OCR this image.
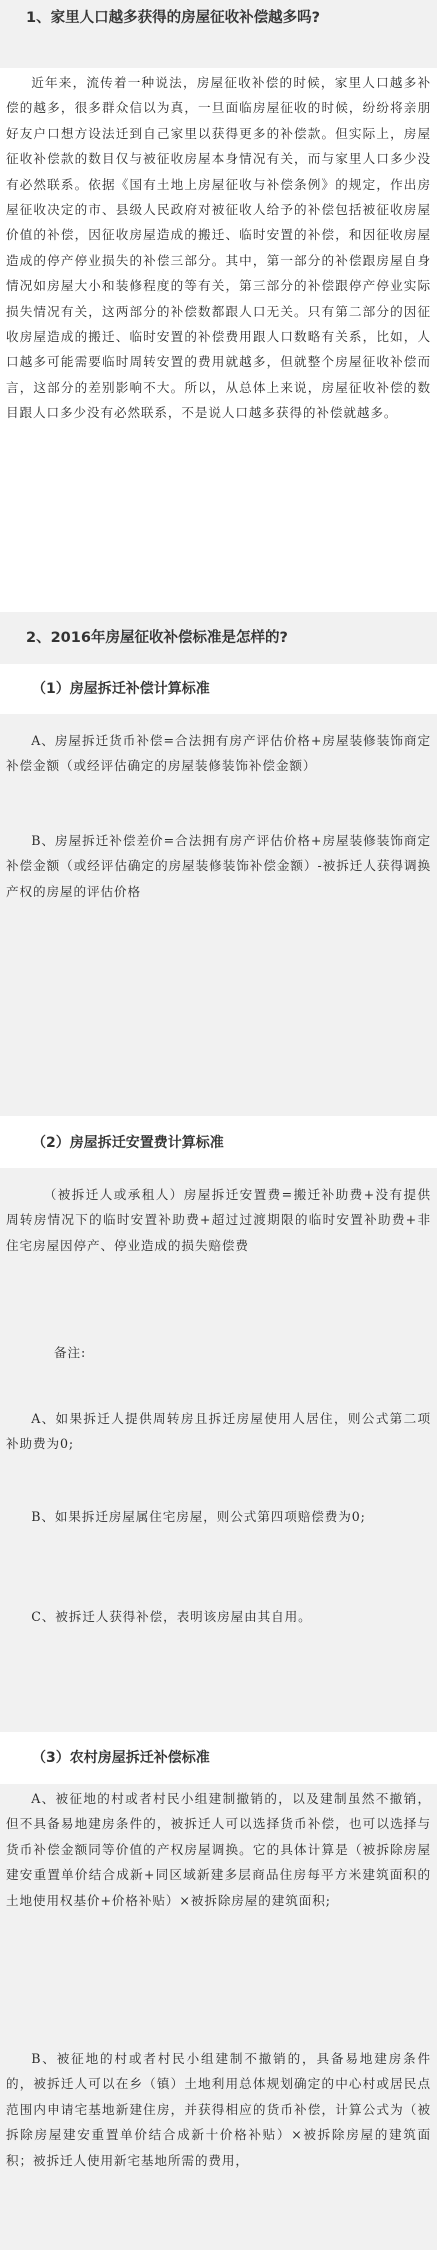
1、家里人口越多获得的房屋征收补偿越多吗?

近年来，流传着一种说法，房屋征收补偿的时候，家里人口越多补偿的越多，很多群众信以为真，一旦面临房屋征收的时候，纷纷将亲朋好友户口想方设法迁到自己家里以获得更多的补偿款。但实际上，房屋征收补偿款的数目仅与被征收房屋本身情况有关，而与家里人口多少没有必然联系。依据《国有土地上房屋征收与补偿条例》的规定，作出房屋征收决定的市、县级人民政府对被征收人给予的补偿包括被征收房屋价值的补偿，因征收房屋造成的搬迁、临时安置的补偿，和因征收房屋造成的停产停业损失的补偿三部分。其中，第一部分的补偿跟房屋自身情况如房屋大小和装修程度的等有关，第三部分的补偿跟停产停业实际损失情况有关，这两部分的补偿数都跟人口无关。只有第二部分的因征收房屋造成的搬迁、临时安置的补偿费用跟人口数略有关系，比如，人口越多可能需要临时周转安置的费用就越多，但就整个房屋征收补偿而言，这部分的差别影响不大。所以，从总体上来说，房屋征收补偿的数目跟人口多少没有必然联系，不是说人口越多获得的补偿就越多。

2、2016年房屋征收补偿标准是怎样的?
（1）房屋拆迁补偿计算标准

A、房屋拆迁货币补偿=合法拥有房产评估价格+房屋装修装饰商定补偿金额（或经评估确定的房屋装修装饰补偿金额）

B、房屋拆迁补偿差价=合法拥有房产评估价格+房屋装修装饰商定补偿金额（或经评估确定的房屋装修装饰补偿金额）-被拆迁人获得调换产权的房屋的评估价格

（2）房屋拆迁安置费计算标准

（被拆迁人或承租人）房屋拆迁安置费=搬迁补助费+没有提供周转房情况下的临时安置补助费+超过过渡期限的临时安置补助费+非住宅房屋因停产、停业造成的损失赔偿费

备注:

A、如果拆迁人提供周转房且拆迁房屋使用人居住，则公式第二项补助费为0;

B、如果拆迁房屋属住宅房屋，则公式第四项赔偿费为0;

C、被拆迁人获得补偿，表明该房屋由其自用。

（3）农村房屋拆迁补偿标准

A、被征地的村或者村民小组建制撤销的，以及建制虽然不撤销，但不具备易地建房条件的，被拆迁人可以选择货币补偿，也可以选择与货币补偿金额同等价值的产权房屋调换。它的具体计算是（被拆除房屋建安重置单价结合成新+同区域新建多层商品住房每平方米建筑面积的土地使用权基价+价格补贴）×被拆除房屋的建筑面积;

B、被征地的村或者村民小组建制不撤销的，具备易地建房条件的，被拆迁人可以在乡（镇）土地利用总体规划确定的中心村或居民点范围内申请宅基地新建住房，并获得相应的货币补偿，计算公式为（被拆除房屋建安重置单价结合成新十价格补贴）×被拆除房屋的建筑面积；被拆迁人使用新宅基地所需的费用，
